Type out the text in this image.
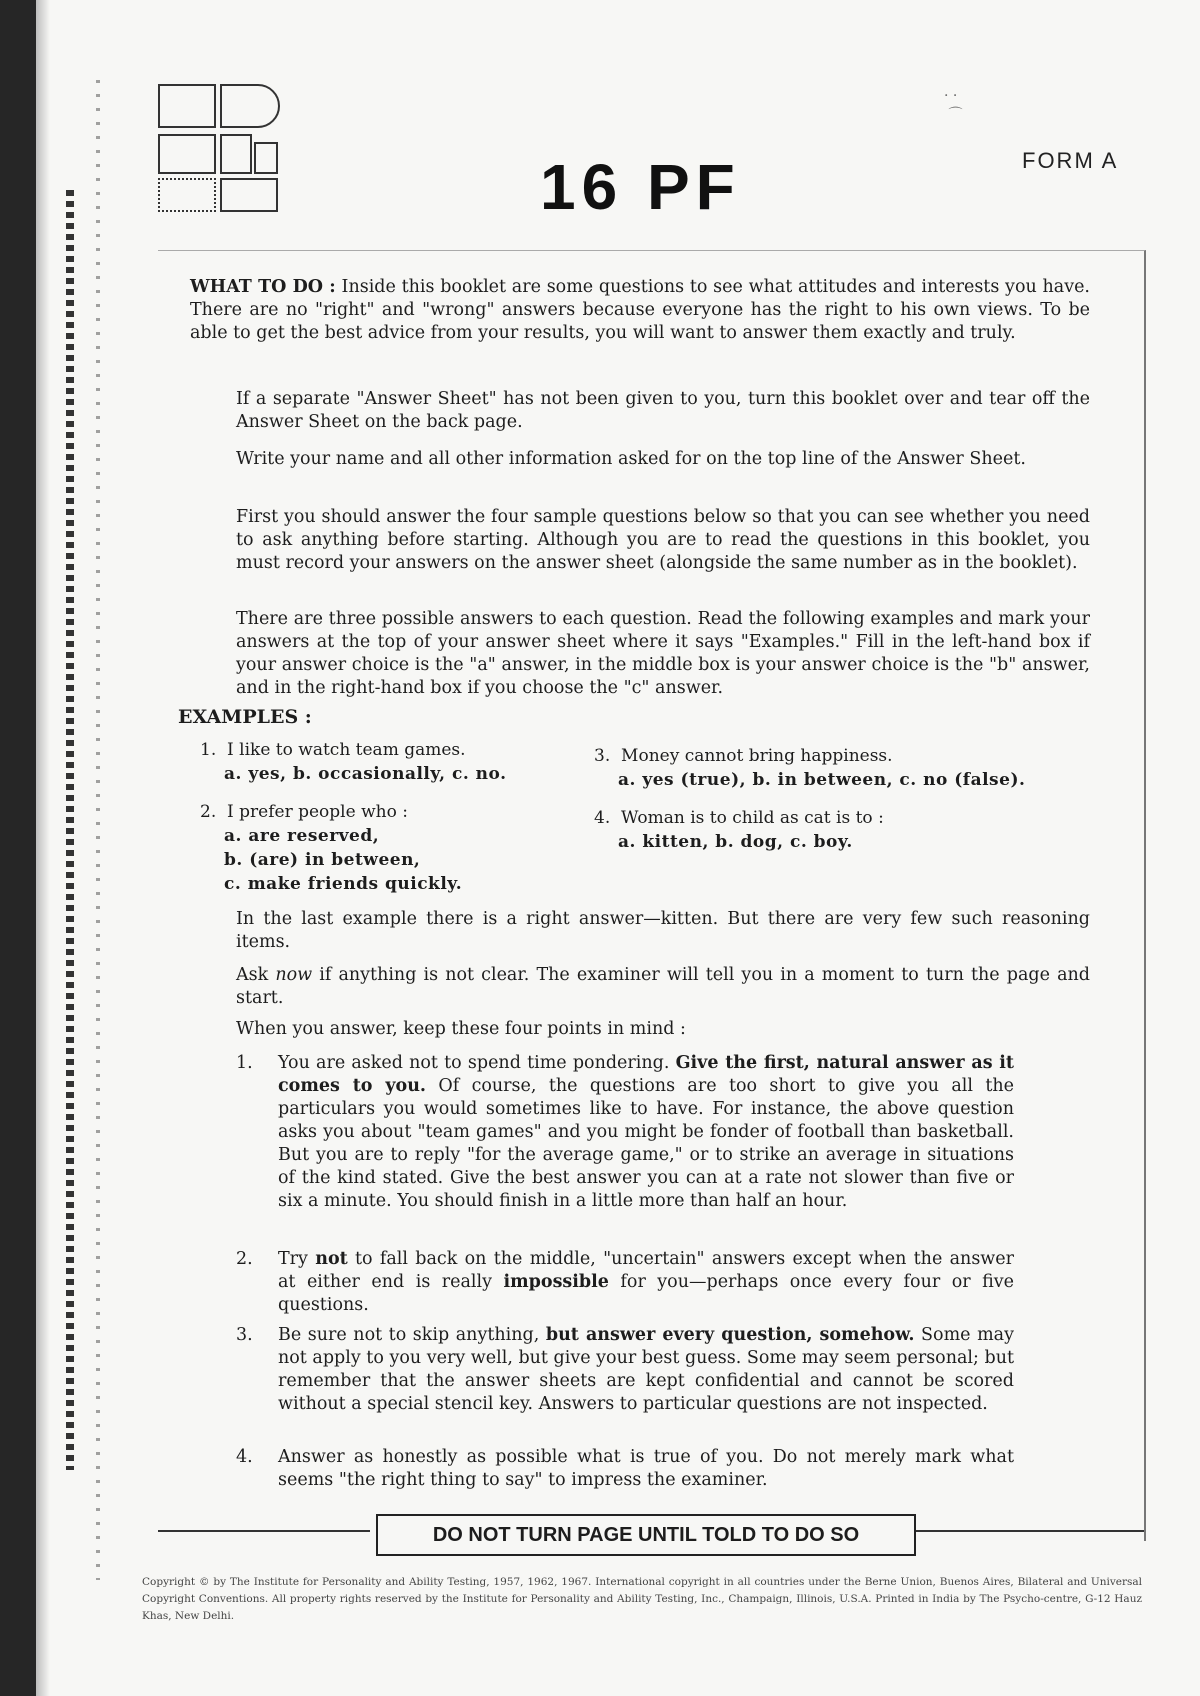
· ·
⌒
16 PF	FORM A
WHAT TO DO : Inside this booklet are some questions to see what attitudes and interests you have. There are no "right" and "wrong" answers because everyone has the right to his own views. To be able to get the best advice from your results, you will want to answer them exactly and truly.
If a separate "Answer Sheet" has not been given to you, turn this booklet over and tear off the Answer Sheet on the back page.
Write your name and all other information asked for on the top line of the Answer Sheet.
First you should answer the four sample questions below so that you can see whether you need to ask anything before starting. Although you are to read the questions in this booklet, you must record your answers on the answer sheet (alongside the same number as in the booklet).
There are three possible answers to each question. Read the following examples and mark your answers at the top of your answer sheet where it says "Examples." Fill in the left-hand box if your answer choice is the "a" answer, in the middle box is your answer choice is the "b" answer, and in the right-hand box if you choose the "c" answer.
EXAMPLES :
1. I like to watch team games.
a. yes, b. occasionally, c. no.
2. I prefer people who :
a. are reserved,
b. (are) in between,
c. make friends quickly.
3. Money cannot bring happiness.
a. yes (true), b. in between, c. no (false).
4. Woman is to child as cat is to :
a. kitten, b. dog, c. boy.
In the last example there is a right answer—kitten. But there are very few such reasoning items.
Ask now if anything is not clear. The examiner will tell you in a moment to turn the page and start.
When you answer, keep these four points in mind :
1. You are asked not to spend time pondering. Give the first, natural answer as it comes to you. Of course, the questions are too short to give you all the particulars you would sometimes like to have. For instance, the above question asks you about "team games" and you might be fonder of football than basketball. But you are to reply "for the average game," or to strike an average in situations of the kind stated. Give the best answer you can at a rate not slower than five or six a minute. You should finish in a little more than half an hour.
2. Try not to fall back on the middle, "uncertain" answers except when the answer at either end is really impossible for you—perhaps once every four or five questions.
3. Be sure not to skip anything, but answer every question, somehow. Some may not apply to you very well, but give your best guess. Some may seem personal; but remember that the answer sheets are kept confidential and cannot be scored without a special stencil key. Answers to particular questions are not inspected.
4. Answer as honestly as possible what is true of you. Do not merely mark what seems "the right thing to say" to impress the examiner.
DO NOT TURN PAGE UNTIL TOLD TO DO SO
Copyright © by The Institute for Personality and Ability Testing, 1957, 1962, 1967. International copyright in all countries under the Berne Union, Buenos Aires, Bilateral and Universal Copyright Conventions. All property rights reserved by the Institute for Personality and Ability Testing, Inc., Champaign, Illinois, U.S.A. Printed in India by The Psycho-centre, G-12 Hauz Khas, New Delhi.
